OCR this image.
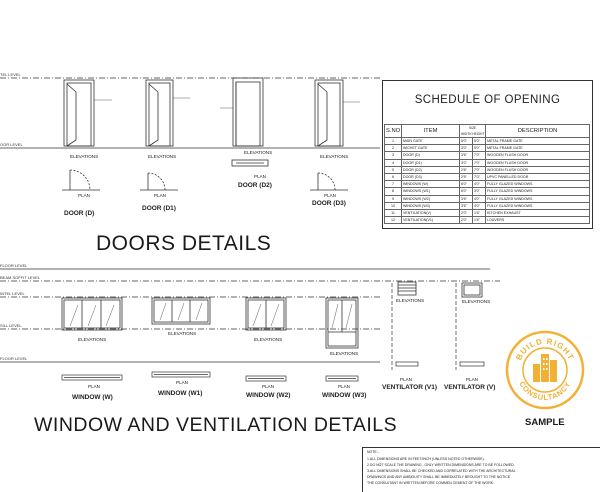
TEL LEVEL
OOR LEVEL
FLOOR LEVEL
BEAM SOFFIT LEVEL
INTEL LEVEL
SILL LEVEL
FLOOR LEVEL
ELEVATIONS	ELEVATIONS
ELEVATIONS
ELEVATIONS
PLAN	PLAN
PLAN
PLAN
DOOR (D)
DOOR (D1)
DOOR (D2)
DOOR (D3)
DOORS DETAILS
ELEVATIONS
ELEVATIONS
ELEVATIONS
ELEVATIONS
ELEVATIONS	ELEVATIONS
PLAN
PLAN
PLAN	PLAN
PLAN	PLAN
WINDOW (W)
WINDOW (W1)	WINDOW (W2)	WINDOW (W3)
VENTILATOR (V1) VENTILATOR (V)
WINDOW AND VENTILATION DETAILS
SCHEDULE OF OPENING
S.NO	ITEM	SIZE
WIDTH HEIGHT		DESCRIPTION
1	MAIN GATE	5'0"	5'0"	METAL FRAME GATE
2	WICKET GATE	3'0"	5'0"	METAL FRAME GATE
3	DOOR (D)	3'6"	7'0"	WOODEN FLUSH DOOR
4	DOOR (D1)	3'0"	7'0"	WOODEN FLUSH DOOR
5	DOOR (D2)	2'6"	7'0"	WOODEN FLUSH DOOR
6	DOOR (D3)	2'6"	7'0"	UPVC PANELLED DOOR
7	WINDOWS (W)	6'0"	4'0"	FULLY GLAZED WINDOWS
8	WINDOWS (W1)	6'0"	3'0"	FULLY GLAZED WINDOWS
9	WINDOWS (W2)	3'6"	4'0"	FULLY GLAZED WINDOWS
10	WINDOWS (W3)	3'6"	4'0"	FULLY GLAZED WINDOWS
11	VENTILATION(V)	2'0"	1'6"	KITCHEN EXHAUST
12	VENTILATION(V1)	2'0"	1'6"	LOUVERS
BUILD RIGHT
CONSULTANCY
SAMPLE
NOTE:-
1.ALL DIMENSIONS ARE IN FEET/INCH (UNLESS NOTED OTHERWISE).
2.DO NOT SCALE THE DRAWING , ONLY WRITTEN DIMENSIONS ARE TO BE FOLLOWED.
3.ALL DIMENSIONS SHALL BE CHECKED AND CORRELATED WITH THE ARCHITECTURAL
DRAWINGS AND ANY AMBIGUITY SHALL BE IMMEDIATELY BROUGHT TO THE NOTICE
THE CONSULTANT IN WRITTEN BEFORE COMMEN CEMENT OF THE WORK.
